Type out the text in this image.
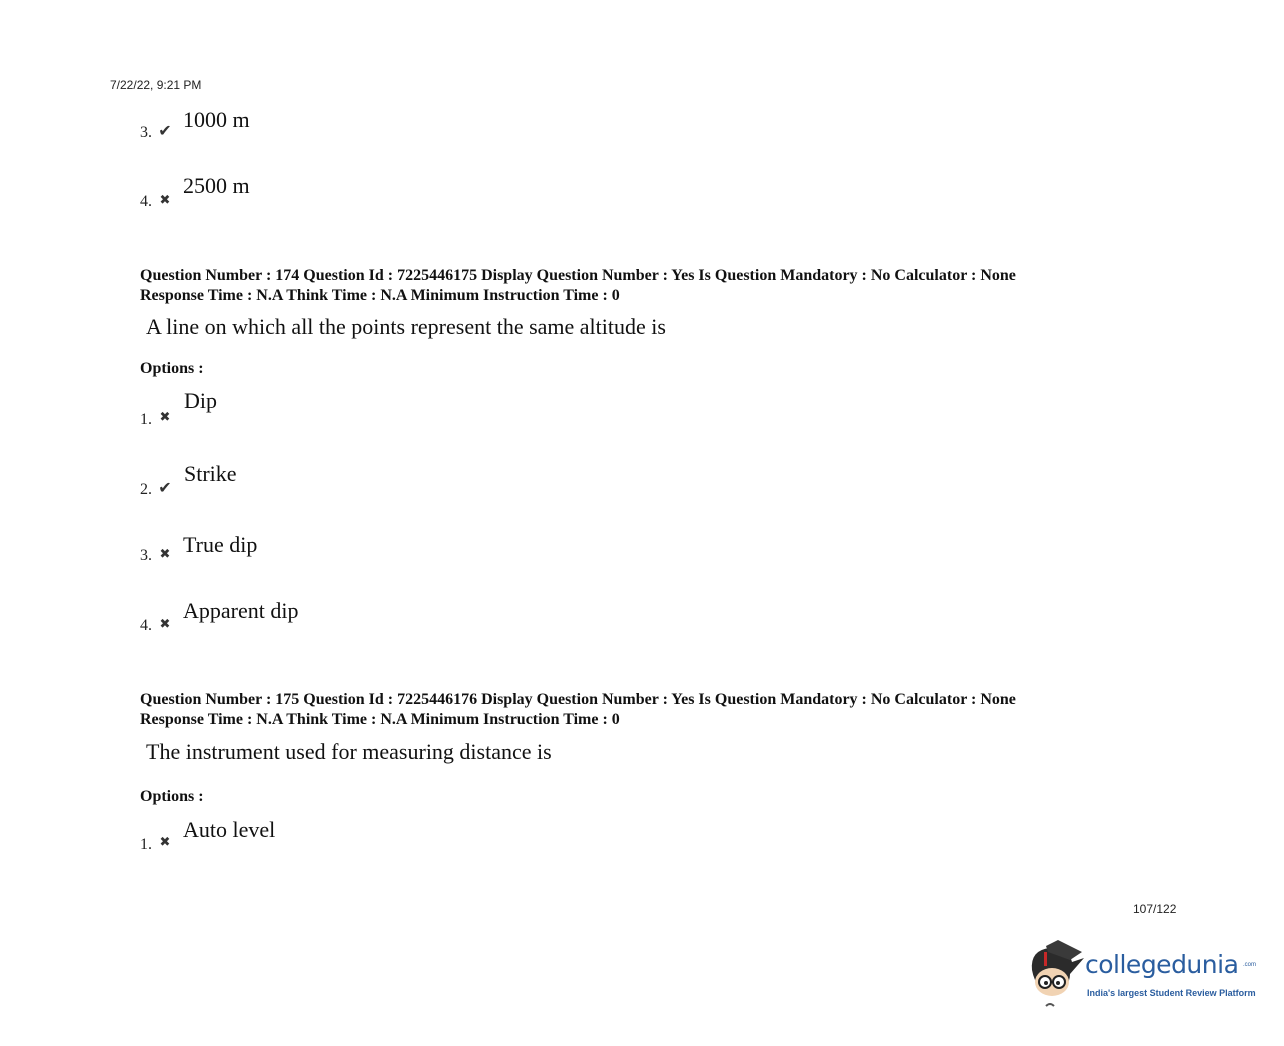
7/22/22, 9:21 PM
3. ✔ 1000 m
4. ✖
2500 m
Question Number : 174 Question Id : 7225446175 Display Question Number : Yes Is Question Mandatory : No Calculator : None
Response Time : N.A Think Time : N.A Minimum Instruction Time : 0
A line on which all the points represent the same altitude is
Options :
1. ✖
Dip
2. ✔
Strike
3. ✖ True dip
4. ✖
Apparent dip
Question Number : 175 Question Id : 7225446176 Display Question Number : Yes Is Question Mandatory : No Calculator : None
Response Time : N.A Think Time : N.A Minimum Instruction Time : 0
The instrument used for measuring distance is
Options :
1. ✖ Auto level
107/122
collegedunia .com
India's largest Student Review Platform
